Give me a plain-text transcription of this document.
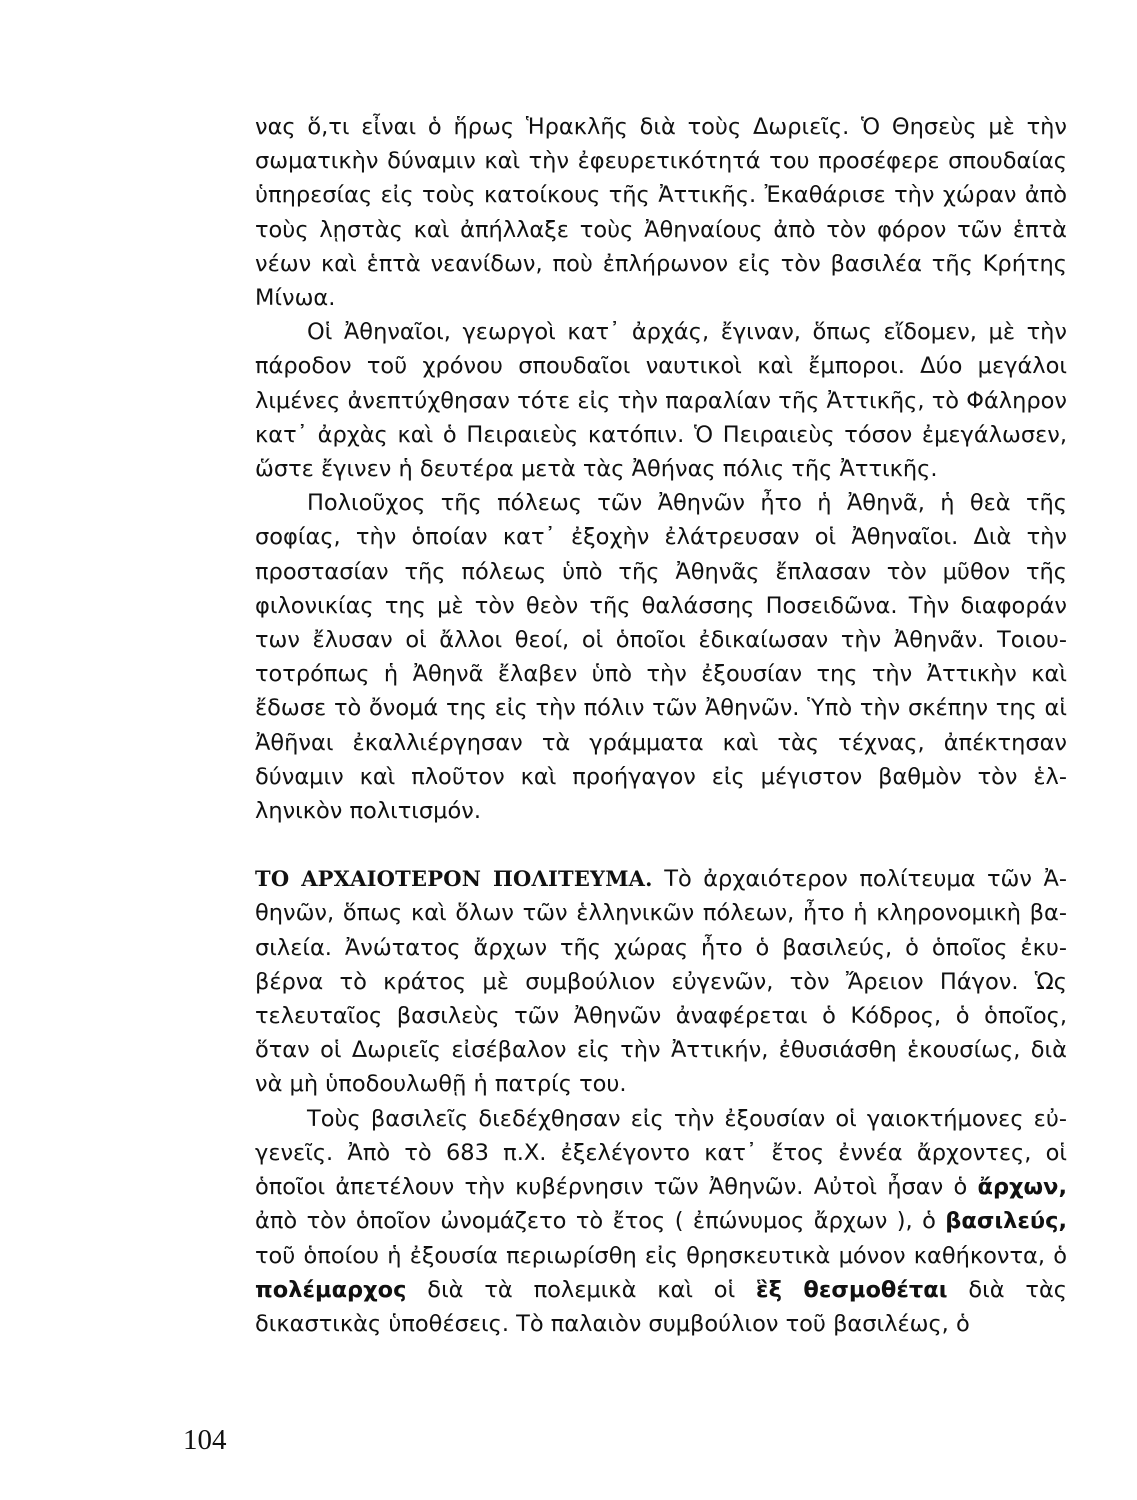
νας ὅ,τι εἶναι ὁ ἥρως Ἡρακλῆς διὰ τοὺς Δωριεῖς. Ὁ Θησεὺς μὲ τὴν σωματικὴν δύναμιν καὶ τὴν ἐφευρετικότητά του προσέφερε σπουδαίας ὑπηρεσίας εἰς τοὺς κατοίκους τῆς Ἀττικῆς. Ἐκαθάρισε τὴν χώραν ἀπὸ τοὺς λῃστὰς καὶ ἀπήλλαξε τοὺς Ἀθηναίους ἀπὸ τὸν φόρον τῶν ἑπτὰ νέων καὶ ἑπτὰ νεανίδων, ποὺ ἐπλήρωνον εἰς τὸν βασιλέα τῆς Κρήτης Μίνωα.

Οἱ Ἀθηναῖοι, γεωργοὶ κατ᾽ ἀρχάς, ἔγιναν, ὅπως εἴδομεν, μὲ τὴν πάροδον τοῦ χρόνου σπουδαῖοι ναυτικοὶ καὶ ἔμποροι. Δύο μεγάλοι λιμένες ἀνεπτύχθησαν τότε εἰς τὴν παραλίαν τῆς Ἀττικῆς, τὸ Φάληρον κατ᾽ ἀρχὰς καὶ ὁ Πειραιεὺς κατόπιν. Ὁ Πειραιεὺς τόσον ἐμεγάλωσεν, ὥστε ἔγινεν ἡ δευτέρα μετὰ τὰς Ἀθήνας πόλις τῆς Ἀττικῆς.

Πολιοῦχος τῆς πόλεως τῶν Ἀθηνῶν ἦτο ἡ Ἀθηνᾶ, ἡ θεὰ τῆς σοφίας, τὴν ὁποίαν κατ᾽ ἐξοχὴν ἐλάτρευσαν οἱ Ἀθηναῖοι. Διὰ τὴν προστασίαν τῆς πόλεως ὑπὸ τῆς Ἀθηνᾶς ἔπλασαν τὸν μῦθον τῆς φιλονικίας της μὲ τὸν θεὸν τῆς θαλάσσης Ποσειδῶνα. Τὴν διαφοράν των ἔλυσαν οἱ ἄλλοι θεοί, οἱ ὁποῖοι ἐδικαίωσαν τὴν Ἀθηνᾶν. Τοιουτοτρόπως ἡ Ἀθηνᾶ ἔλαβεν ὑπὸ τὴν ἐξουσίαν της τὴν Ἀττικὴν καὶ ἔδωσε τὸ ὄνομά της εἰς τὴν πόλιν τῶν Ἀθηνῶν. Ὑπὸ τὴν σκέπην της αἱ Ἀθῆναι ἐκαλλιέργησαν τὰ γράμματα καὶ τὰς τέχνας, ἀπέκτησαν δύναμιν καὶ πλοῦτον καὶ προήγαγον εἰς μέγιστον βαθμὸν τὸν ἑλληνικὸν πολιτισμόν.

ΤΟ ΑΡΧΑΙΟΤΕΡΟΝ ΠΟΛΙΤΕΥΜΑ. Τὸ ἀρχαιότερον πολίτευμα τῶν Ἀθηνῶν, ὅπως καὶ ὅλων τῶν ἑλληνικῶν πόλεων, ἦτο ἡ κληρονομικὴ βασιλεία. Ἀνώτατος ἄρχων τῆς χώρας ἦτο ὁ βασιλεύς, ὁ ὁποῖος ἐκυβέρνα τὸ κράτος μὲ συμβούλιον εὐγενῶν, τὸν Ἄρειον Πάγον. Ὡς τελευταῖος βασιλεὺς τῶν Ἀθηνῶν ἀναφέρεται ὁ Κόδρος, ὁ ὁποῖος, ὅταν οἱ Δωριεῖς εἰσέβαλον εἰς τὴν Ἀττικήν, ἐθυσιάσθη ἑκουσίως, διὰ νὰ μὴ ὑποδουλωθῇ ἡ πατρίς του.

Τοὺς βασιλεῖς διεδέχθησαν εἰς τὴν ἐξουσίαν οἱ γαιοκτήμονες εὐγενεῖς. Ἀπὸ τὸ 683 π.Χ. ἐξελέγοντο κατ᾽ ἔτος ἐννέα ἄρχοντες, οἱ ὁποῖοι ἀπετέλουν τὴν κυβέρνησιν τῶν Ἀθηνῶν. Αὐτοὶ ἦσαν ὁ ἄρχων, ἀπὸ τὸν ὁποῖον ὠνομάζετο τὸ ἔτος ( ἐπώνυμος ἄρχων ), ὁ βασιλεύς, τοῦ ὁποίου ἡ ἐξουσία περιωρίσθη εἰς θρησκευτικὰ μόνον καθήκοντα, ὁ πολέμαρχος διὰ τὰ πολεμικὰ καὶ οἱ ἓξ θεσμοθέται διὰ τὰς δικαστικὰς ὑποθέσεις. Τὸ παλαιὸν συμβούλιον τοῦ βασιλέως, ὁ

104
